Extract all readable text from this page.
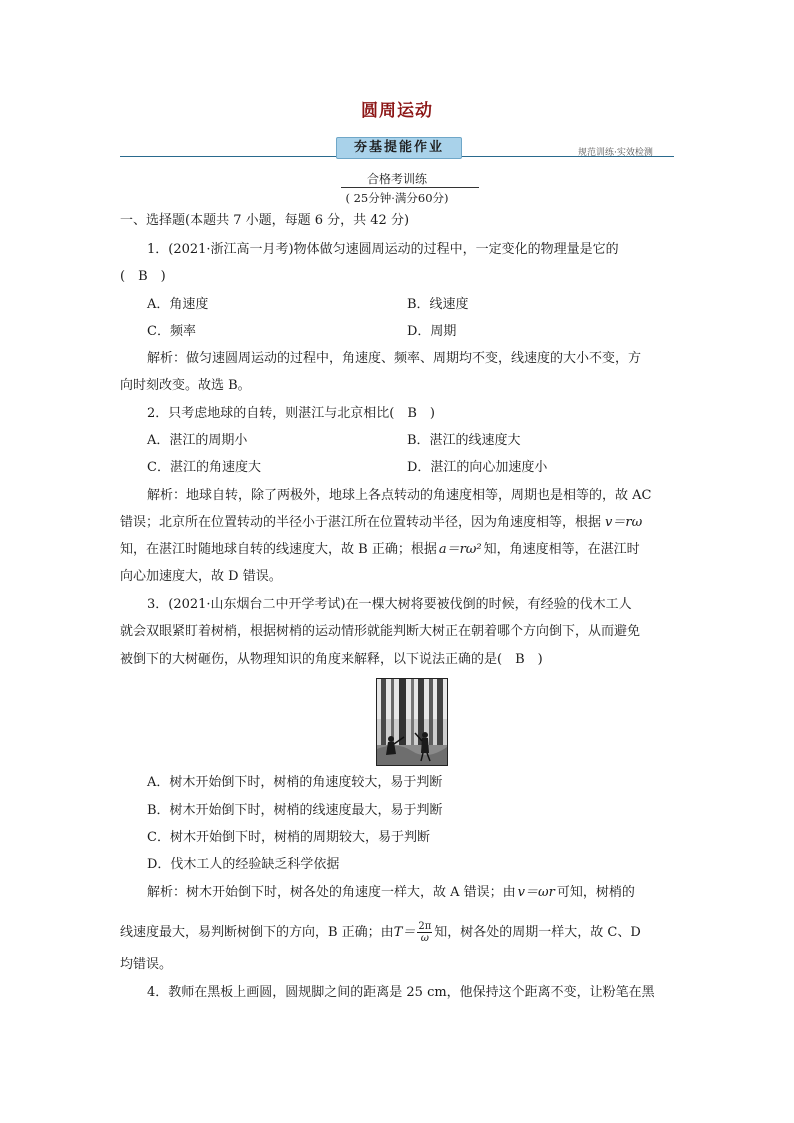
圆周运动
夯基提能作业	规范训练·实效检测
合格考训练
( 25分钟·满分60分)
一、选择题(本题共 7 小题，每题 6 分，共 42 分)
1．(2021·浙江高一月考)物体做匀速圆周运动的过程中，一定变化的物理量是它的
(　B　)
A．角速度	B．线速度
C．频率	D．周期
解析：做匀速圆周运动的过程中，角速度、频率、周期均不变，线速度的大小不变，方
向时刻改变。故选 B。
2．只考虑地球的自转，则湛江与北京相比(　B　)
A．湛江的周期小	B．湛江的线速度大
C．湛江的角速度大	D．湛江的向心加速度小
解析：地球自转，除了两极外，地球上各点转动的角速度相等，周期也是相等的，故 AC
错误；北京所在位置转动的半径小于湛江所在位置转动半径，因为角速度相等，根据 v＝rω
知，在湛江时随地球自转的线速度大，故 B 正确；根据 a＝rω² 知，角速度相等，在湛江时
向心加速度大，故 D 错误。
3．(2021·山东烟台二中开学考试)在一棵大树将要被伐倒的时候，有经验的伐木工人
就会双眼紧盯着树梢，根据树梢的运动情形就能判断大树正在朝着哪个方向倒下，从而避免
被倒下的大树砸伤，从物理知识的角度来解释，以下说法正确的是(　B　)
A．树木开始倒下时，树梢的角速度较大，易于判断
B．树木开始倒下时，树梢的线速度最大，易于判断
C．树木开始倒下时，树梢的周期较大，易于判断
D．伐木工人的经验缺乏科学依据
解析：树木开始倒下时，树各处的角速度一样大，故 A 错误；由 v＝ωr 可知，树梢的
线速度最大，易判断树倒下的方向，B 正确；由$T= \frac{2\pi}{\omega}$ 知，树各处的周期一样大，故 C、D
均错误。
4．教师在黑板上画圆，圆规脚之间的距离是 25 cm，他保持这个距离不变，让粉笔在黑
